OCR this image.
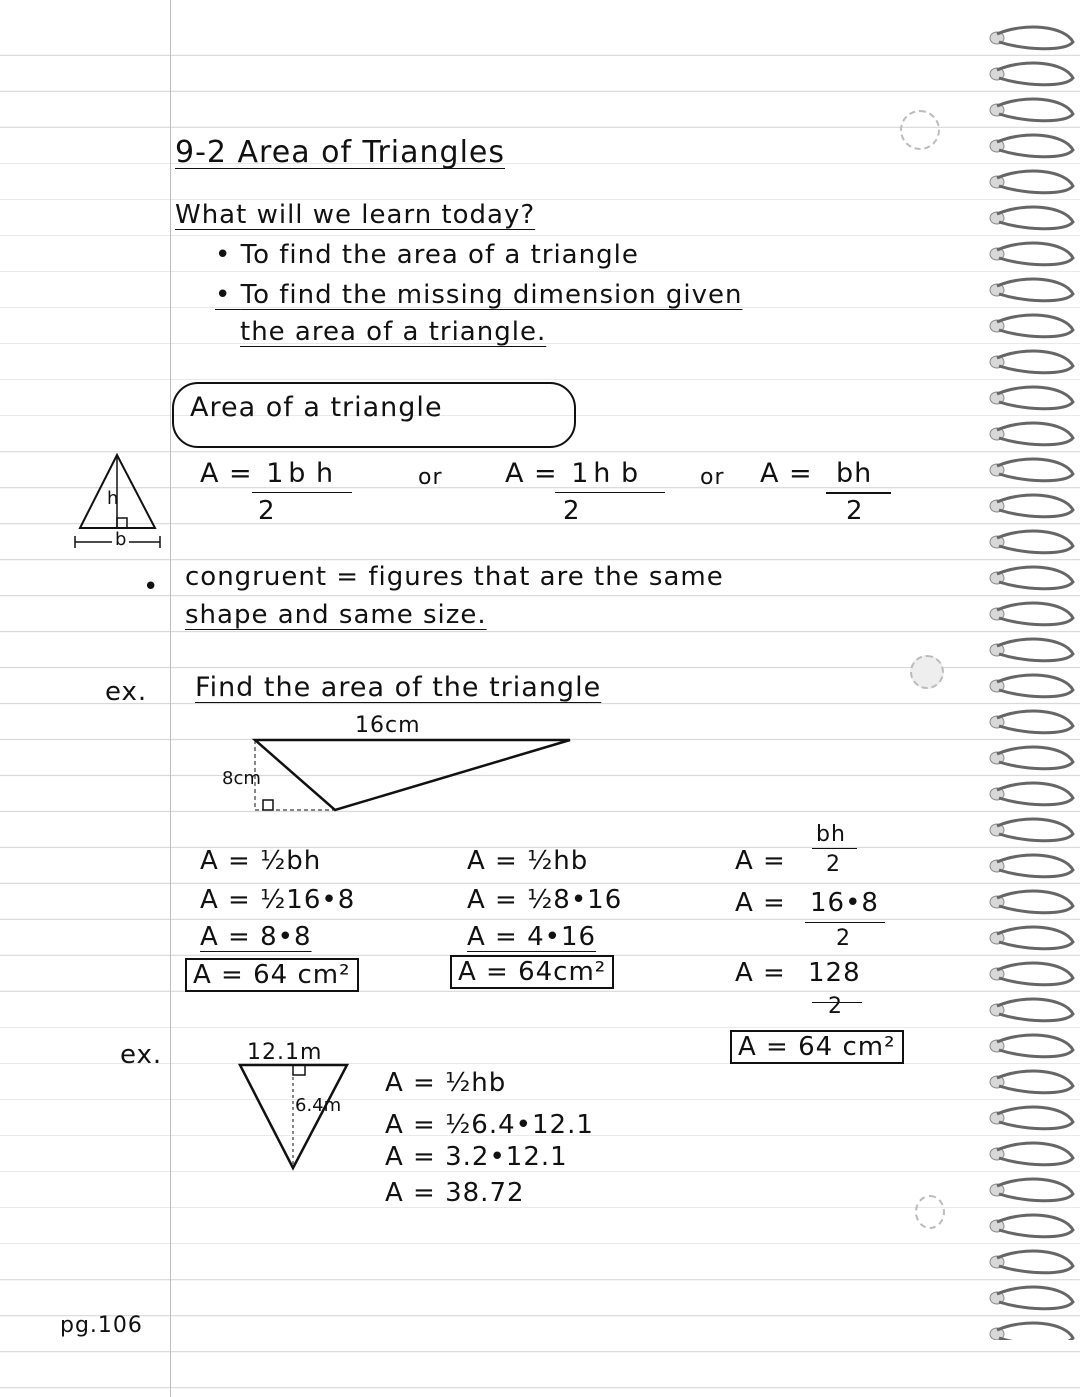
9-2 Area of Triangles
What will we learn today?
• To find the area of a triangle
• To find the missing dimension given
the area of a triangle.
Area of a triangle
h
b
A = 1 b h
2
or A = 1 h b
2
or A = bh
2
• congruent = figures that are the same
shape and same size.
ex. Find the area of the triangle
16cm
8cm
A = ½bh
A = ½16•8
A = 8•8
A = 64 cm²
A = ½hb
A = ½8•16
A = 4•16
A = 64cm²
bh
A = 2
A = 16•8
2
A = 128
2
A = 64 cm²
ex.	12.1m
6.4m
A = ½hb
A = ½6.4•12.1
A = 3.2•12.1
A = 38.72
pg.106
